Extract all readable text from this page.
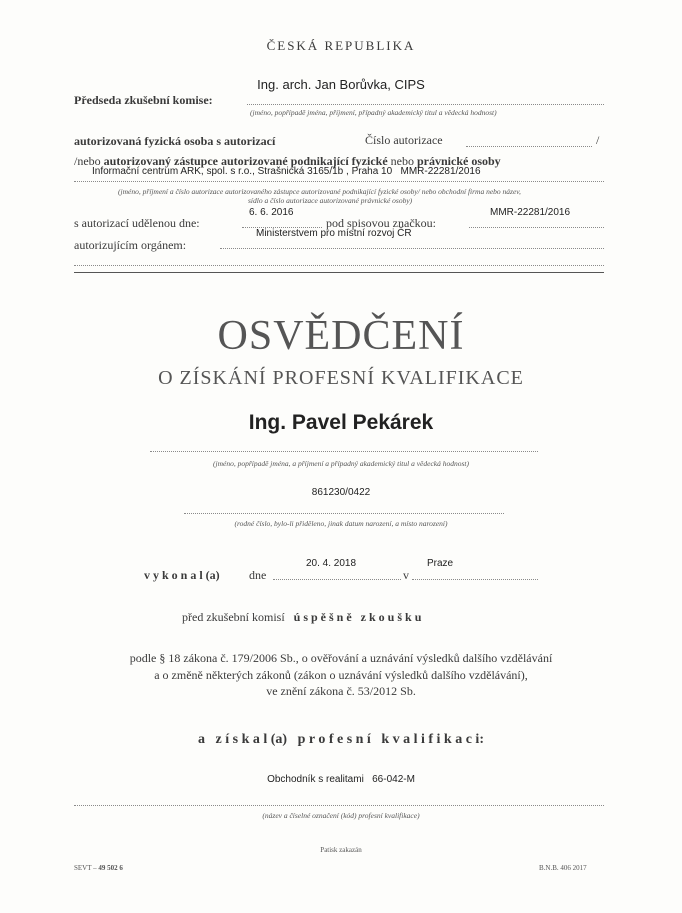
ČESKÁ REPUBLIKA
Ing. arch. Jan Borůvka, CIPS
Předseda zkušební komise:
(jméno, popřípadě jména, příjmení, případný akademický titul a vědecká hodnost)
autorizovaná fyzická osoba s autorizací	Číslo autorizace	/
/nebo autorizovaný zástupce autorizované podnikající fyzické nebo právnické osoby
Informační centrum ARK, spol. s r.o., Strašnická 3165/1b , Praha 10 MMR-22281/2016
(jméno, příjmení a číslo autorizace autorizovaného zástupce autorizované podnikající fyzické osoby/ nebo obchodní firma nebo název,
sídlo a číslo autorizace autorizované právnické osoby)
6. 6. 2016	MMR-22281/2016
s autorizací udělenou dne:	pod spisovou značkou:
Ministerstvem pro místní rozvoj ČR
autorizujícím orgánem:
OSVĚDČENÍ
O ZÍSKÁNÍ PROFESNÍ KVALIFIKACE
Ing. Pavel Pekárek
(jméno, popřípadě jména, a příjmení a případný akademický titul a vědecká hodnost)
861230/0422
(rodné číslo, bylo-li přiděleno, jinak datum narození, a místo narození)
20. 4. 2018	Praze
v y k o n a l (a) dne	v
před zkušební komisí ú s p ě š n ě   z k o u š k u
podle § 18 zákona č. 179/2006 Sb., o ověřování a uznávání výsledků dalšího vzdělávání
a o změně některých zákonů (zákon o uznávání výsledků dalšího vzdělávání),
ve znění zákona č. 53/2012 Sb.
a   z í s k a l (a)   p r o f e s n í   k v a l i f i k a c i:
Obchodník s realitami   66-042-M
(název a číselné označení (kód) profesní kvalifikace)
Patisk zakazán
SEVT – 49 502 6	B.N.B. 406 2017
